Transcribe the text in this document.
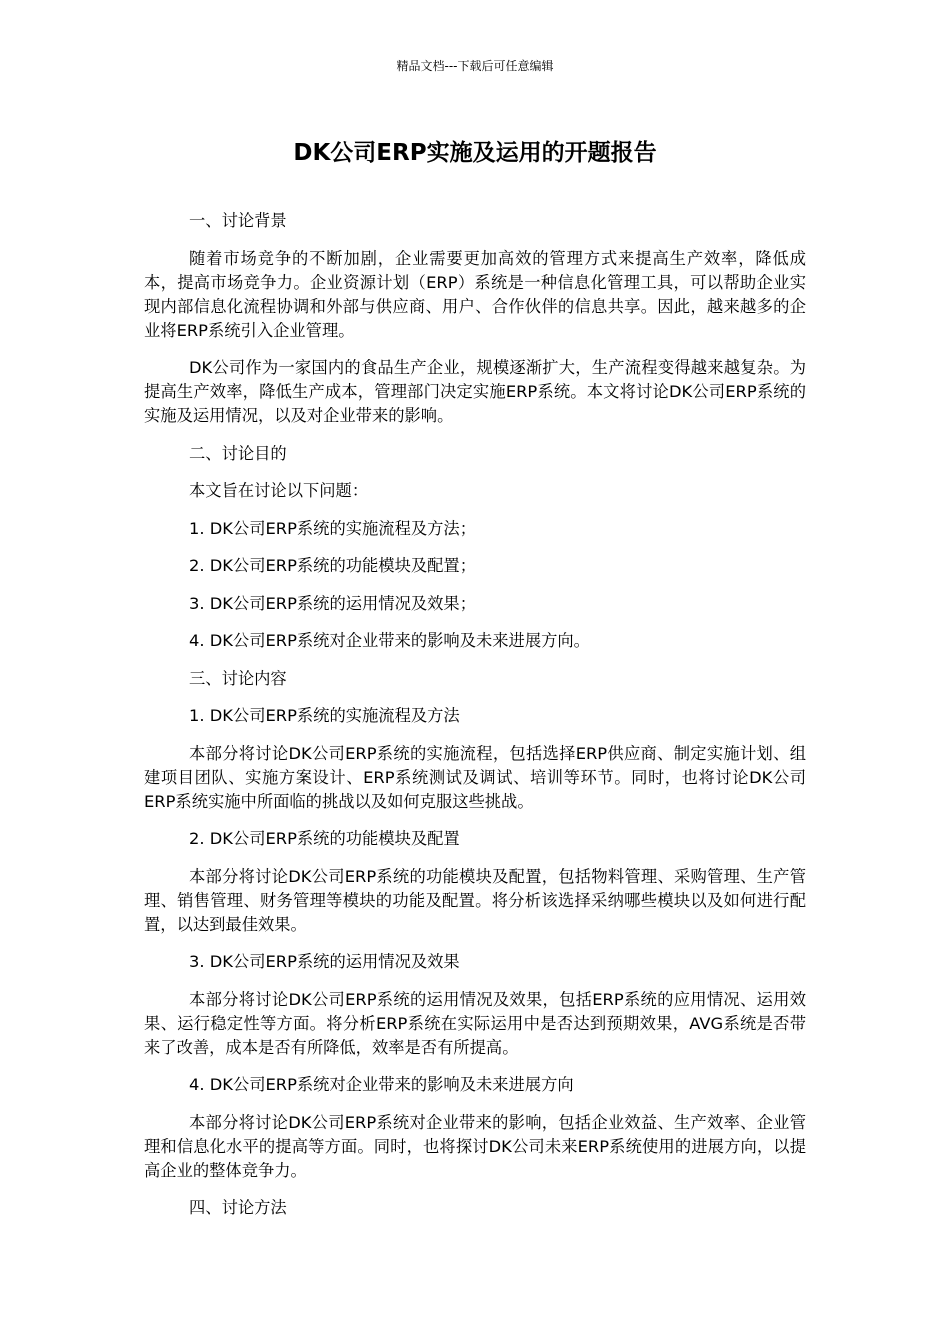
精品文档---下载后可任意编辑
DK公司ERP实施及运用的开题报告

一、讨论背景

随着市场竞争的不断加剧，企业需要更加高效的管理方式来提高生产效率，降低成本，提高市场竞争力。企业资源计划（ERP）系统是一种信息化管理工具，可以帮助企业实现内部信息化流程协调和外部与供应商、用户、合作伙伴的信息共享。因此，越来越多的企业将ERP系统引入企业管理。

DK公司作为一家国内的食品生产企业，规模逐渐扩大，生产流程变得越来越复杂。为提高生产效率，降低生产成本，管理部门决定实施ERP系统。本文将讨论DK公司ERP系统的实施及运用情况，以及对企业带来的影响。

二、讨论目的

本文旨在讨论以下问题：

1. DK公司ERP系统的实施流程及方法；

2. DK公司ERP系统的功能模块及配置；

3. DK公司ERP系统的运用情况及效果；

4. DK公司ERP系统对企业带来的影响及未来进展方向。

三、讨论内容

1. DK公司ERP系统的实施流程及方法

本部分将讨论DK公司ERP系统的实施流程，包括选择ERP供应商、制定实施计划、组建项目团队、实施方案设计、ERP系统测试及调试、培训等环节。同时，也将讨论DK公司ERP系统实施中所面临的挑战以及如何克服这些挑战。

2. DK公司ERP系统的功能模块及配置

本部分将讨论DK公司ERP系统的功能模块及配置，包括物料管理、采购管理、生产管理、销售管理、财务管理等模块的功能及配置。将分析该选择采纳哪些模块以及如何进行配置，以达到最佳效果。

3. DK公司ERP系统的运用情况及效果

本部分将讨论DK公司ERP系统的运用情况及效果，包括ERP系统的应用情况、运用效果、运行稳定性等方面。将分析ERP系统在实际运用中是否达到预期效果，AVG系统是否带来了改善，成本是否有所降低，效率是否有所提高。

4. DK公司ERP系统对企业带来的影响及未来进展方向

本部分将讨论DK公司ERP系统对企业带来的影响，包括企业效益、生产效率、企业管理和信息化水平的提高等方面。同时，也将探讨DK公司未来ERP系统使用的进展方向，以提高企业的整体竞争力。

四、讨论方法
